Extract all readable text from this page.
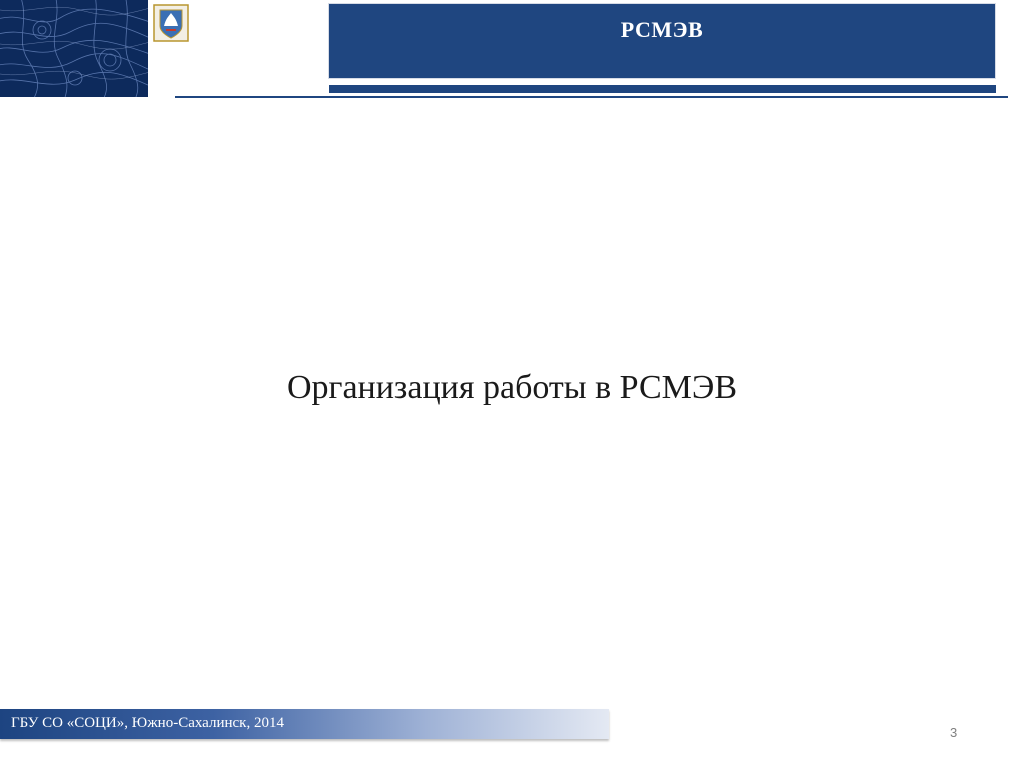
РСМЭВ
Организация работы в РСМЭВ
ГБУ СО «СОЦИ», Южно-Сахалинск, 2014
3
